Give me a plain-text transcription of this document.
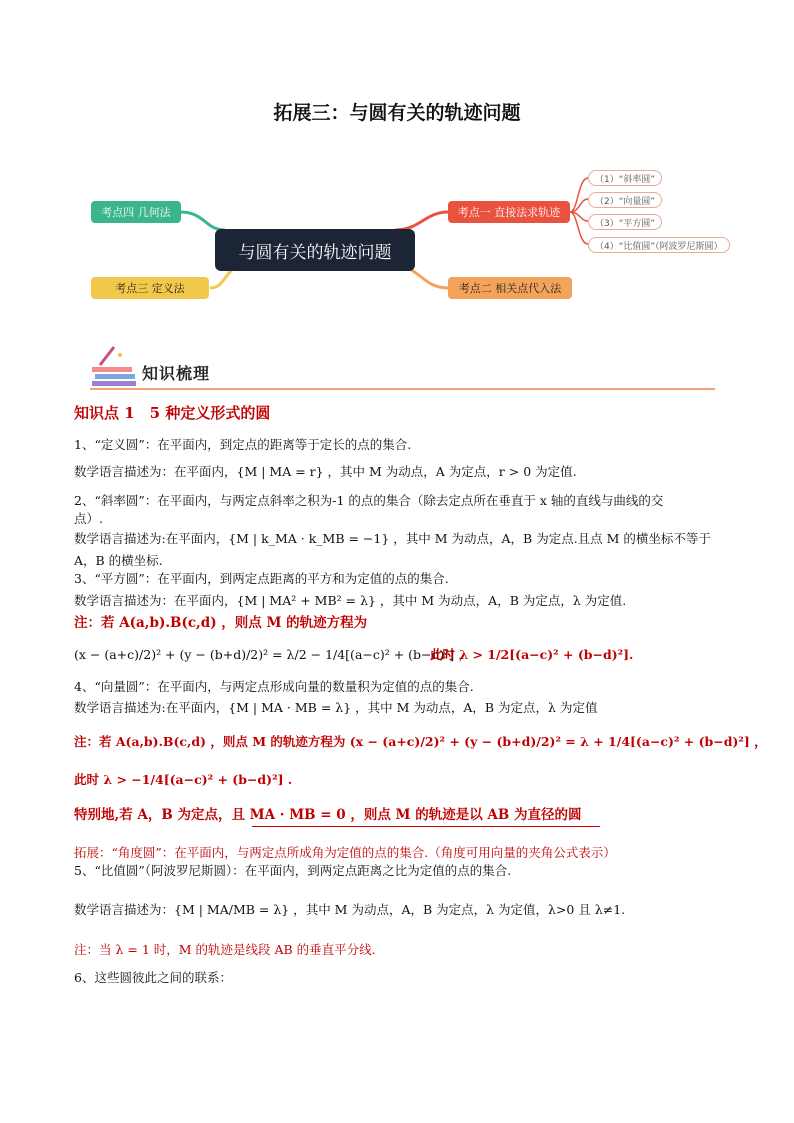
拓展三：与圆有关的轨迹问题
与圆有关的轨迹问题
考点四 几何法
考点三 定义法
考点一 直接法求轨迹
考点二 相关点代入法
（1）“斜率圆”
（2）“向量圆”
（3）“平方圆”
（4）“比值圆”（阿波罗尼斯圆）
知识梳理
知识点 1　5 种定义形式的圆
1、“定义圆”：在平面内，到定点的距离等于定长的点的集合.
数学语言描述为：在平面内，{M | MA = r} ，其中 M 为动点，A 为定点，r > 0 为定值.
2、“斜率圆”：在平面内，与两定点斜率之积为-1 的点的集合（除去定点所在垂直于 x 轴的直线与曲线的交
点）.
数学语言描述为:在平面内，{M | k_MA · k_MB = −1} ，其中 M 为动点，A，B 为定点.且点 M 的横坐标不等于
A，B 的横坐标.
3、“平方圆”：在平面内，到两定点距离的平方和为定值的点的集合.
数学语言描述为：在平面内，{M | MA² + MB² = λ} ，其中 M 为动点，A，B 为定点，λ 为定值.
注：若 A(a,b).B(c,d) ，则点 M 的轨迹方程为
(x − (a+c)/2)² + (y − (b+d)/2)² = λ/2 − 1/4[(a−c)² + (b−d)²] ，
此时 λ > 1/2[(a−c)² + (b−d)²].
4、“向量圆”：在平面内，与两定点形成向量的数量积为定值的点的集合.
数学语言描述为:在平面内，{M | MA · MB = λ} ，其中 M 为动点，A，B 为定点，λ 为定值
注：若 A(a,b).B(c,d) ，则点 M 的轨迹方程为 (x − (a+c)/2)² + (y − (b+d)/2)² = λ + 1/4[(a−c)² + (b−d)²] ，
此时 λ > −1/4[(a−c)² + (b−d)²] .
特别地,若 A，B 为定点，且 MA · MB = 0 ，则点 M 的轨迹是以 AB 为直径的圆
拓展：“角度圆”：在平面内，与两定点所成角为定值的点的集合.（角度可用向量的夹角公式表示）
5、“比值圆”（阿波罗尼斯圆）：在平面内，到两定点距离之比为定值的点的集合.
数学语言描述为：{M | MA/MB = λ} ，其中 M 为动点，A，B 为定点，λ 为定值，λ>0 且 λ≠1.
注：当 λ = 1 时，M 的轨迹是线段 AB 的垂直平分线.
6、这些圆彼此之间的联系：
